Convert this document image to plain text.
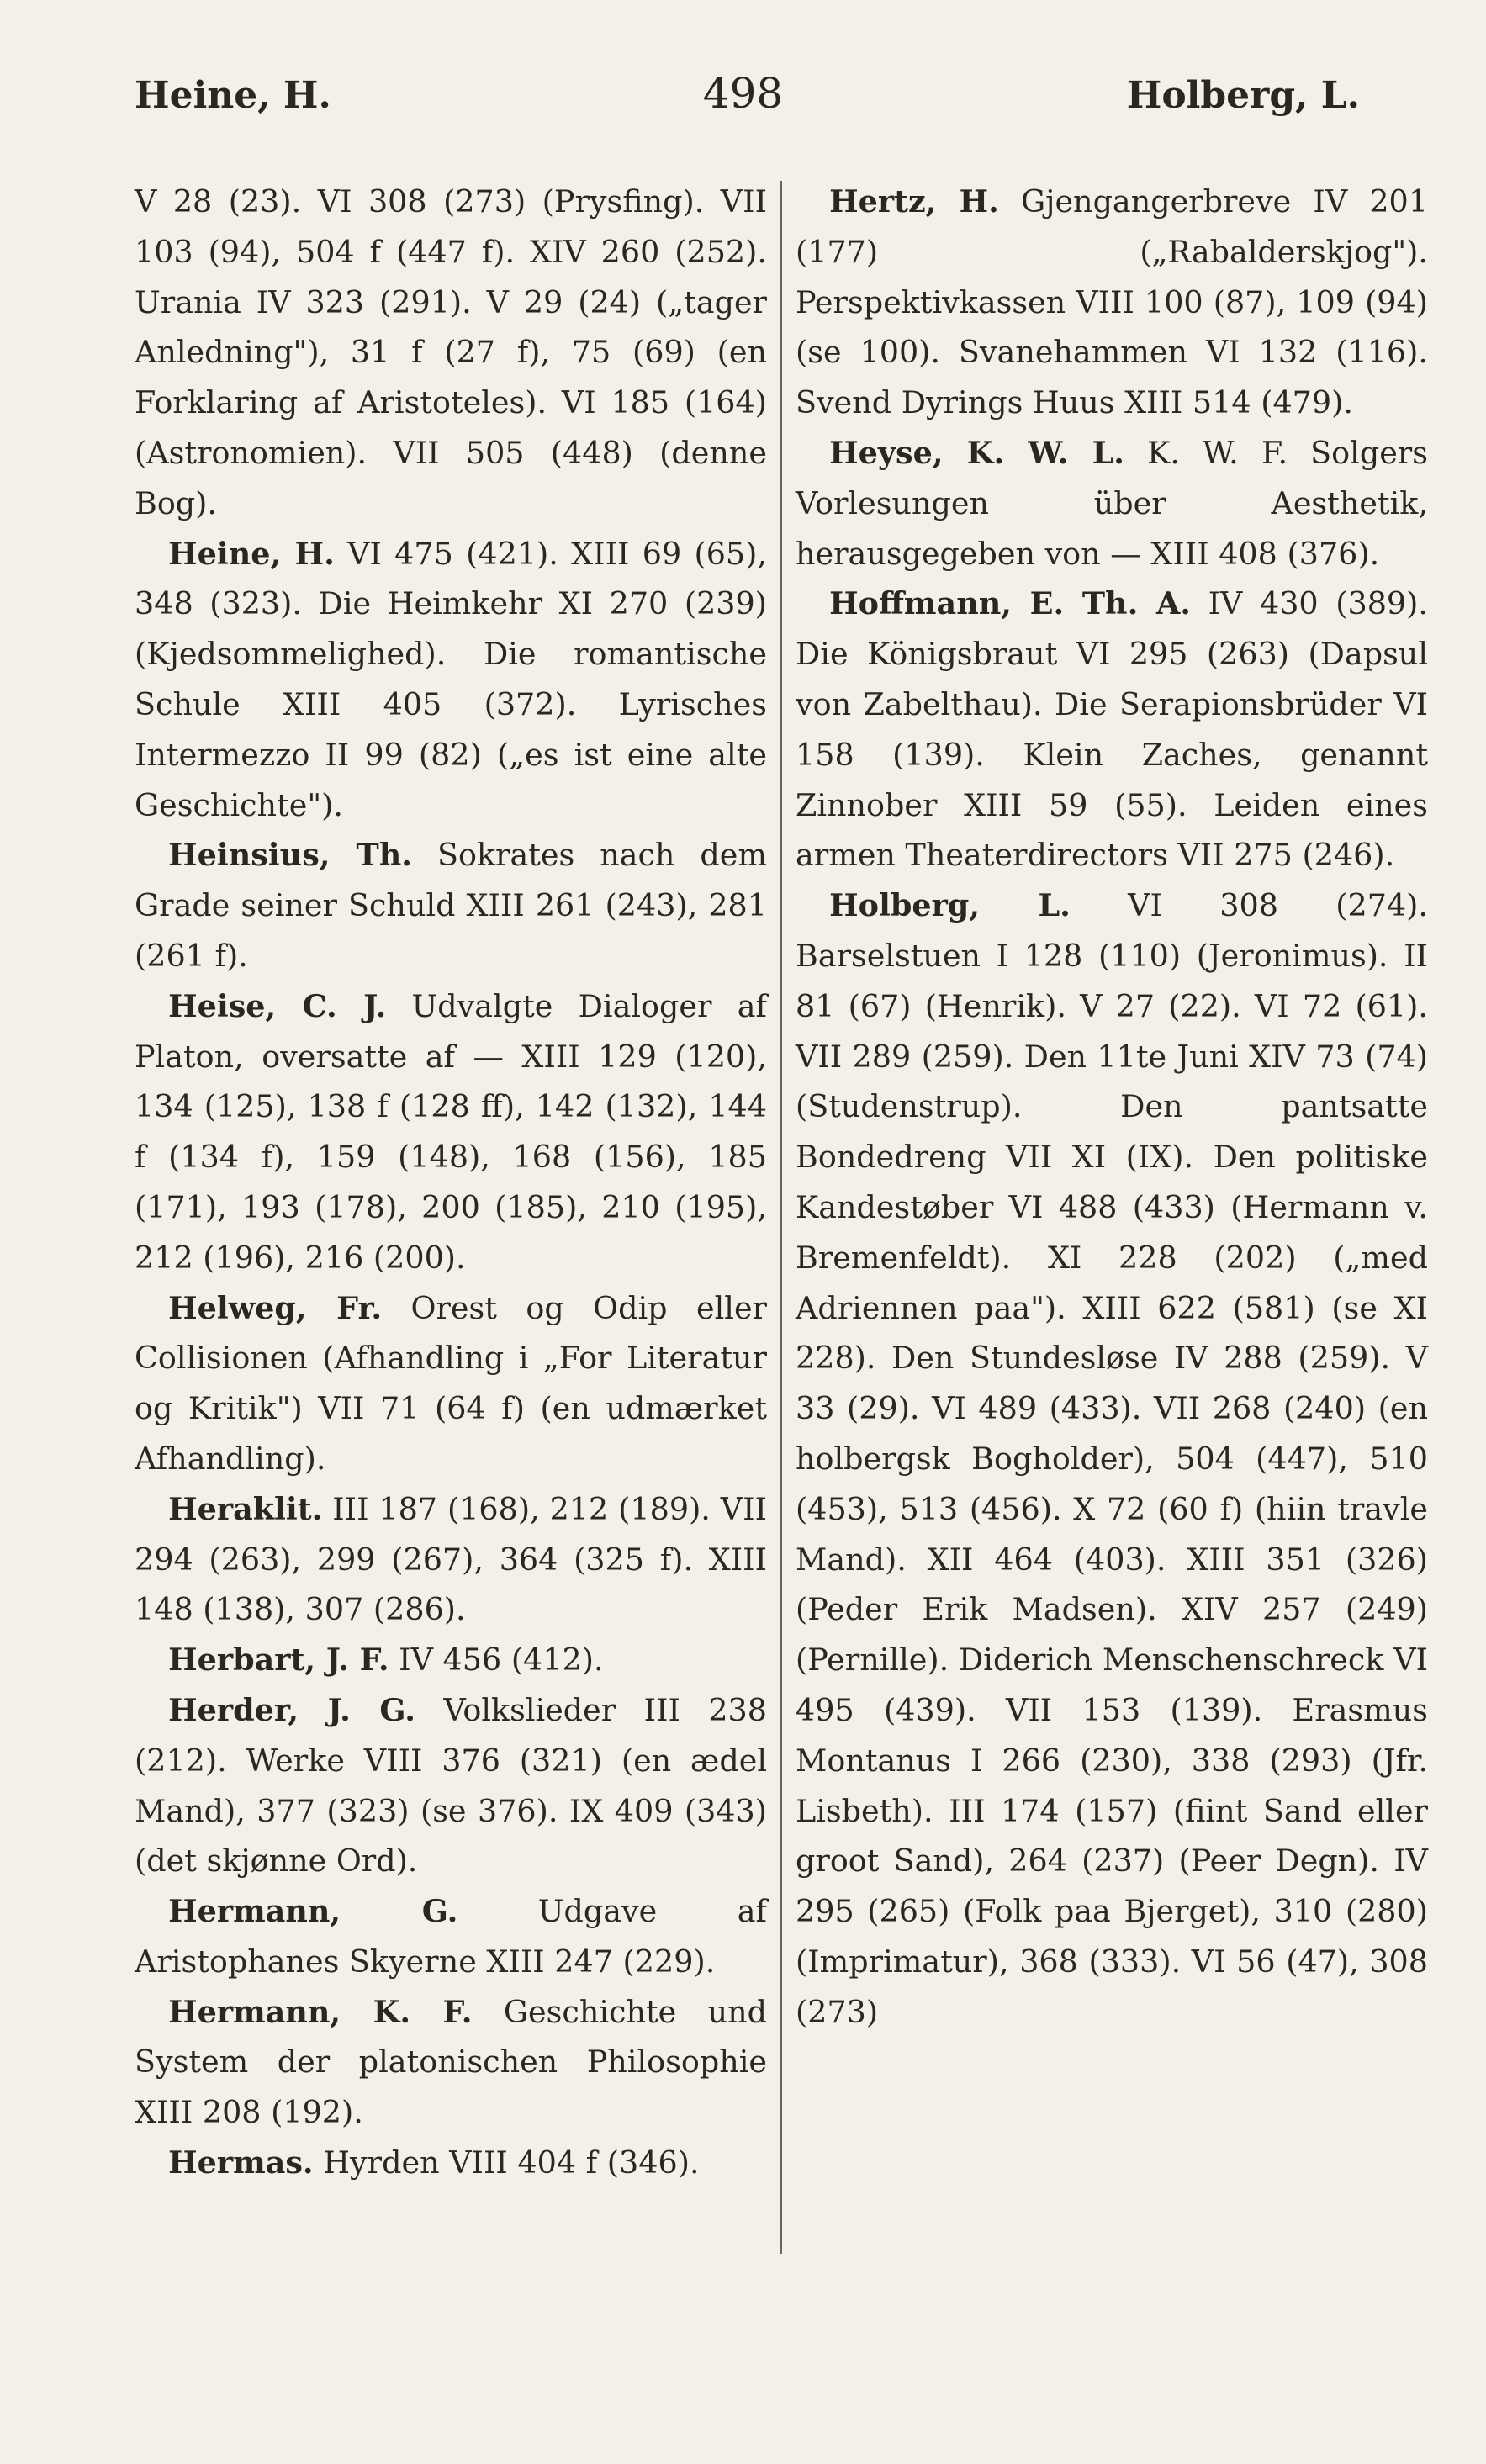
Heine, H.	498	Holberg, L.

V 28 (23). VI 308 (273) (Prysfing). VII 103 (94), 504 f (447 f). XIV 260 (252). Urania IV 323 (291). V 29 (24) („tager Anledning"), 31 f (27 f), 75 (69) (en Forklaring af Aristoteles). VI 185 (164) (Astronomien). VII 505 (448) (denne Bog).

Heine, H. VI 475 (421). XIII 69 (65), 348 (323). Die Heimkehr XI 270 (239) (Kjedsommelighed). Die romantische Schule XIII 405 (372). Lyrisches Intermezzo II 99 (82) („es ist eine alte Geschichte").

Heinsius, Th. Sokrates nach dem Grade seiner Schuld XIII 261 (243), 281 (261 f).

Heise, C. J. Udvalgte Dialoger af Platon, oversatte af — XIII 129 (120), 134 (125), 138 f (128 ff), 142 (132), 144 f (134 f), 159 (148), 168 (156), 185 (171), 193 (178), 200 (185), 210 (195), 212 (196), 216 (200).

Helweg, Fr. Orest og Odip eller Collisionen (Afhandling i „For Literatur og Kritik") VII 71 (64 f) (en udmærket Afhandling).

Heraklit. III 187 (168), 212 (189). VII 294 (263), 299 (267), 364 (325 f). XIII 148 (138), 307 (286).

Herbart, J. F. IV 456 (412).

Herder, J. G. Volkslieder III 238 (212). Werke VIII 376 (321) (en ædel Mand), 377 (323) (se 376). IX 409 (343) (det skjønne Ord).

Hermann, G.	Udgave af Aristophanes Skyerne XIII 247 (229).

Hermann, K. F. Geschichte und System der platonischen Philosophie XIII 208 (192).

Hermas. Hyrden VIII 404 f (346).

Hertz, H. Gjengangerbreve IV 201 (177) („Rabalderskjog"). Perspektivkassen VIII 100 (87), 109 (94) (se 100). Svanehammen VI 132 (116). Svend Dyrings Huus XIII 514 (479).

Heyse, K. W. L. K. W. F. Solgers Vorlesungen über Aesthetik, herausgegeben von — XIII 408 (376).

Hoffmann, E. Th. A. IV 430 (389). Die Königsbraut VI 295 (263) (Dapsul von Zabelthau). Die Serapionsbrüder VI 158 (139). Klein Zaches, genannt Zinnober XIII 59 (55). Leiden eines armen Theaterdirectors VII 275 (246).

Holberg, L. VI 308 (274). Barselstuen I 128 (110) (Jeronimus). II 81 (67) (Henrik). V 27 (22). VI 72 (61). VII 289 (259). Den 11te Juni XIV 73 (74) (Studenstrup). Den pantsatte Bondedreng VII XI (IX). Den politiske Kandestøber VI 488 (433) (Hermann v. Bremenfeldt). XI 228 (202) („med Adriennen paa"). XIII 622 (581) (se XI 228). Den Stundesløse IV 288 (259). V 33 (29). VI 489 (433). VII 268 (240) (en holbergsk Bogholder), 504 (447), 510 (453), 513 (456). X 72 (60 f) (hiin travle Mand). XII 464 (403). XIII 351 (326) (Peder Erik Madsen). XIV 257 (249) (Pernille). Diderich Menschenschreck VI 495 (439). VII 153 (139). Erasmus Montanus I 266 (230), 338 (293) (Jfr. Lisbeth). III 174 (157) (fiint Sand eller groot Sand), 264 (237) (Peer Degn). IV 295 (265) (Folk paa Bjerget), 310 (280) (Imprimatur), 368 (333). VI 56 (47), 308 (273)
